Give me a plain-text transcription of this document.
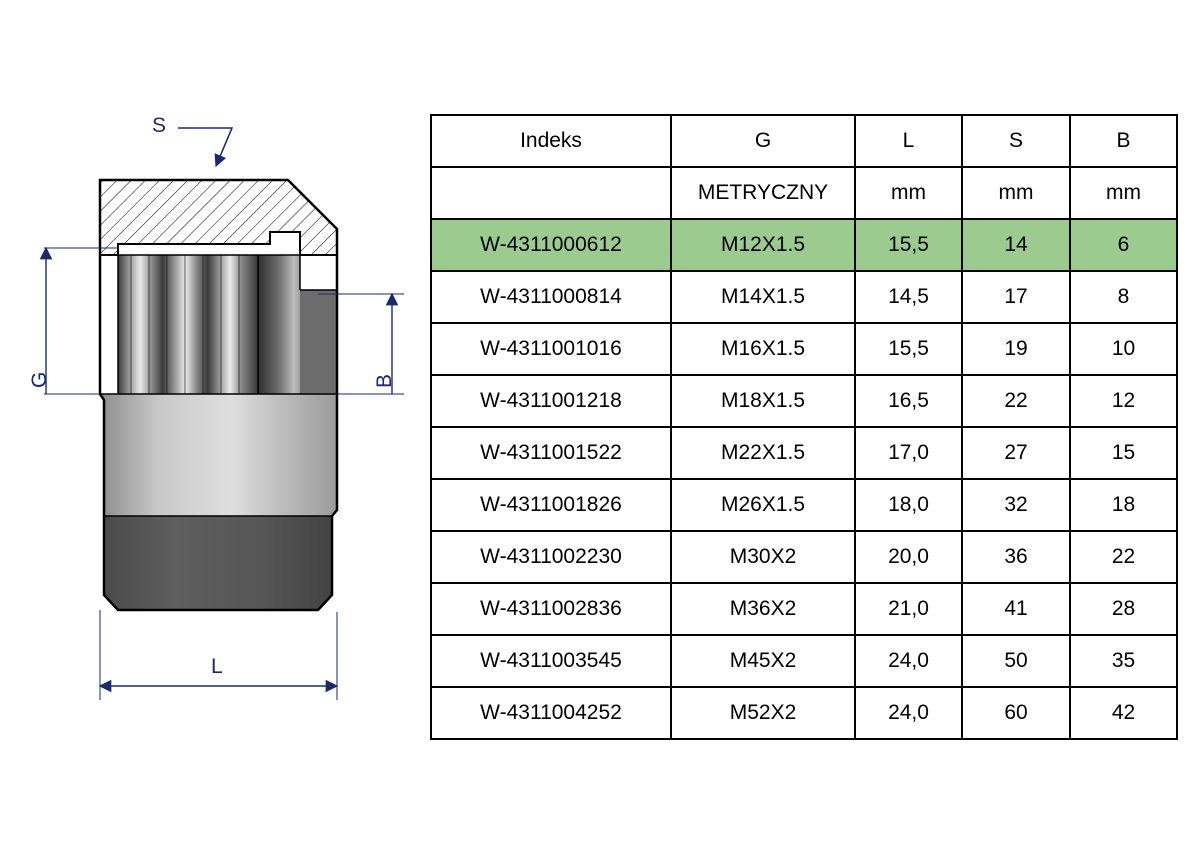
S
G	B
L
Indeks	G	L	S	B
	METRYCZNY	mm	mm	mm
W-4311000612	M12X1.5	15,5	14	6
W-4311000814	M14X1.5	14,5	17	8
W-4311001016	M16X1.5	15,5	19	10
W-4311001218	M18X1.5	16,5	22	12
W-4311001522	M22X1.5	17,0	27	15
W-4311001826	M26X1.5	18,0	32	18
W-4311002230	M30X2	20,0	36	22
W-4311002836	M36X2	21,0	41	28
W-4311003545	M45X2	24,0	50	35
W-4311004252	M52X2	24,0	60	42
